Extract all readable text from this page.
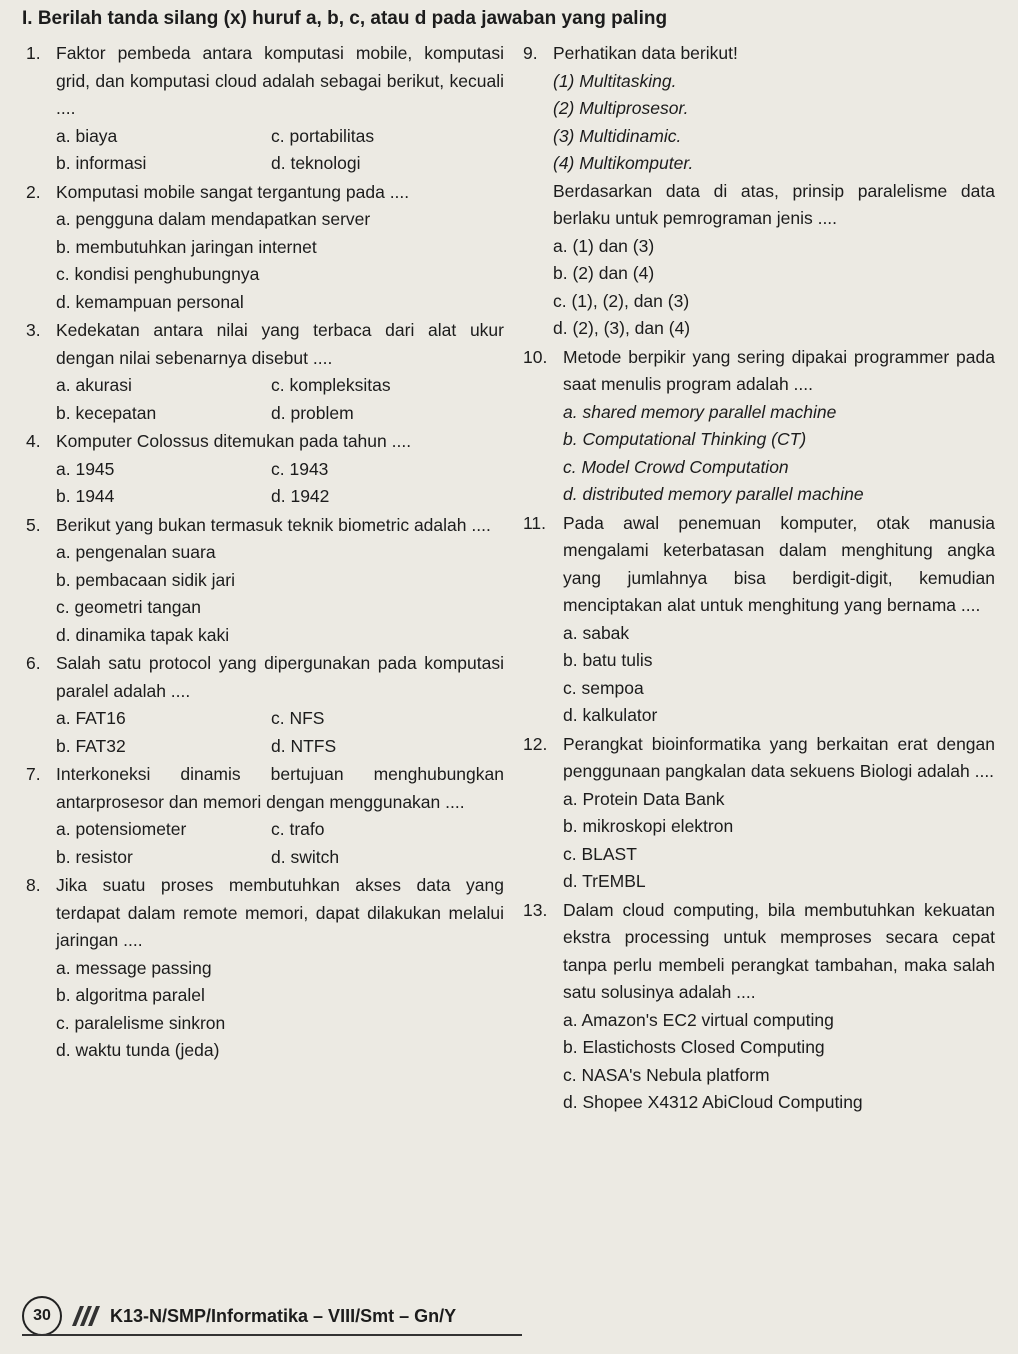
I. Berilah tanda silang (x) huruf a, b, c, atau d pada jawaban yang paling
1. Faktor pembeda antara komputasi mobile, komputasi grid, dan komputasi cloud adalah sebagai berikut, kecuali ....
a. biaya	c. portabilitas
b. informasi	d. teknologi
2. Komputasi mobile sangat tergantung pada ....
a. pengguna dalam mendapatkan server
b. membutuhkan jaringan internet
c. kondisi penghubungnya
d. kemampuan personal
3. Kedekatan antara nilai yang terbaca dari alat ukur dengan nilai sebenarnya disebut ....
a. akurasi	c. kompleksitas
b. kecepatan	d. problem
4. Komputer Colossus ditemukan pada tahun ....
a. 1945	c. 1943
b. 1944	d. 1942
5. Berikut yang bukan termasuk teknik biometric adalah ....
a. pengenalan suara
b. pembacaan sidik jari
c. geometri tangan
d. dinamika tapak kaki
6. Salah satu protocol yang dipergunakan pada komputasi paralel adalah ....
a. FAT16	c. NFS
b. FAT32	d. NTFS
7. Interkoneksi dinamis bertujuan menghubungkan antarprosesor dan memori dengan menggunakan ....
a. potensiometer	c. trafo
b. resistor	d. switch
8. Jika suatu proses membutuhkan akses data yang terdapat dalam remote memori, dapat dilakukan melalui jaringan ....
a. message passing
b. algoritma paralel
c. paralelisme sinkron
d. waktu tunda (jeda)
9. Perhatikan data berikut!
(1) Multitasking.
(2) Multiprosesor.
(3) Multidinamic.
(4) Multikomputer.
Berdasarkan data di atas, prinsip paralelisme data berlaku untuk pemrograman jenis ....
a. (1) dan (3)
b. (2) dan (4)
c. (1), (2), dan (3)
d. (2), (3), dan (4)
10. Metode berpikir yang sering dipakai programmer pada saat menulis program adalah ....
a. shared memory parallel machine
b. Computational Thinking (CT)
c. Model Crowd Computation
d. distributed memory parallel machine
11. Pada awal penemuan komputer, otak manusia mengalami keterbatasan dalam menghitung angka yang jumlahnya bisa berdigit-digit, kemudian menciptakan alat untuk menghitung yang bernama ....
a. sabak
b. batu tulis
c. sempoa
d. kalkulator
12. Perangkat bioinformatika yang berkaitan erat dengan penggunaan pangkalan data sekuens Biologi adalah ....
a. Protein Data Bank
b. mikroskopi elektron
c. BLAST
d. TrEMBL
13. Dalam cloud computing, bila membutuhkan kekuatan ekstra processing untuk memproses secara cepat tanpa perlu membeli perangkat tambahan, maka salah satu solusinya adalah ....
a. Amazon's EC2 virtual computing
b. Elastichosts Closed Computing
c. NASA's Nebula platform
d. Shopee X4312 AbiCloud Computing
30	K13-N/SMP/Informatika – VIII/Smt – Gn/Y
